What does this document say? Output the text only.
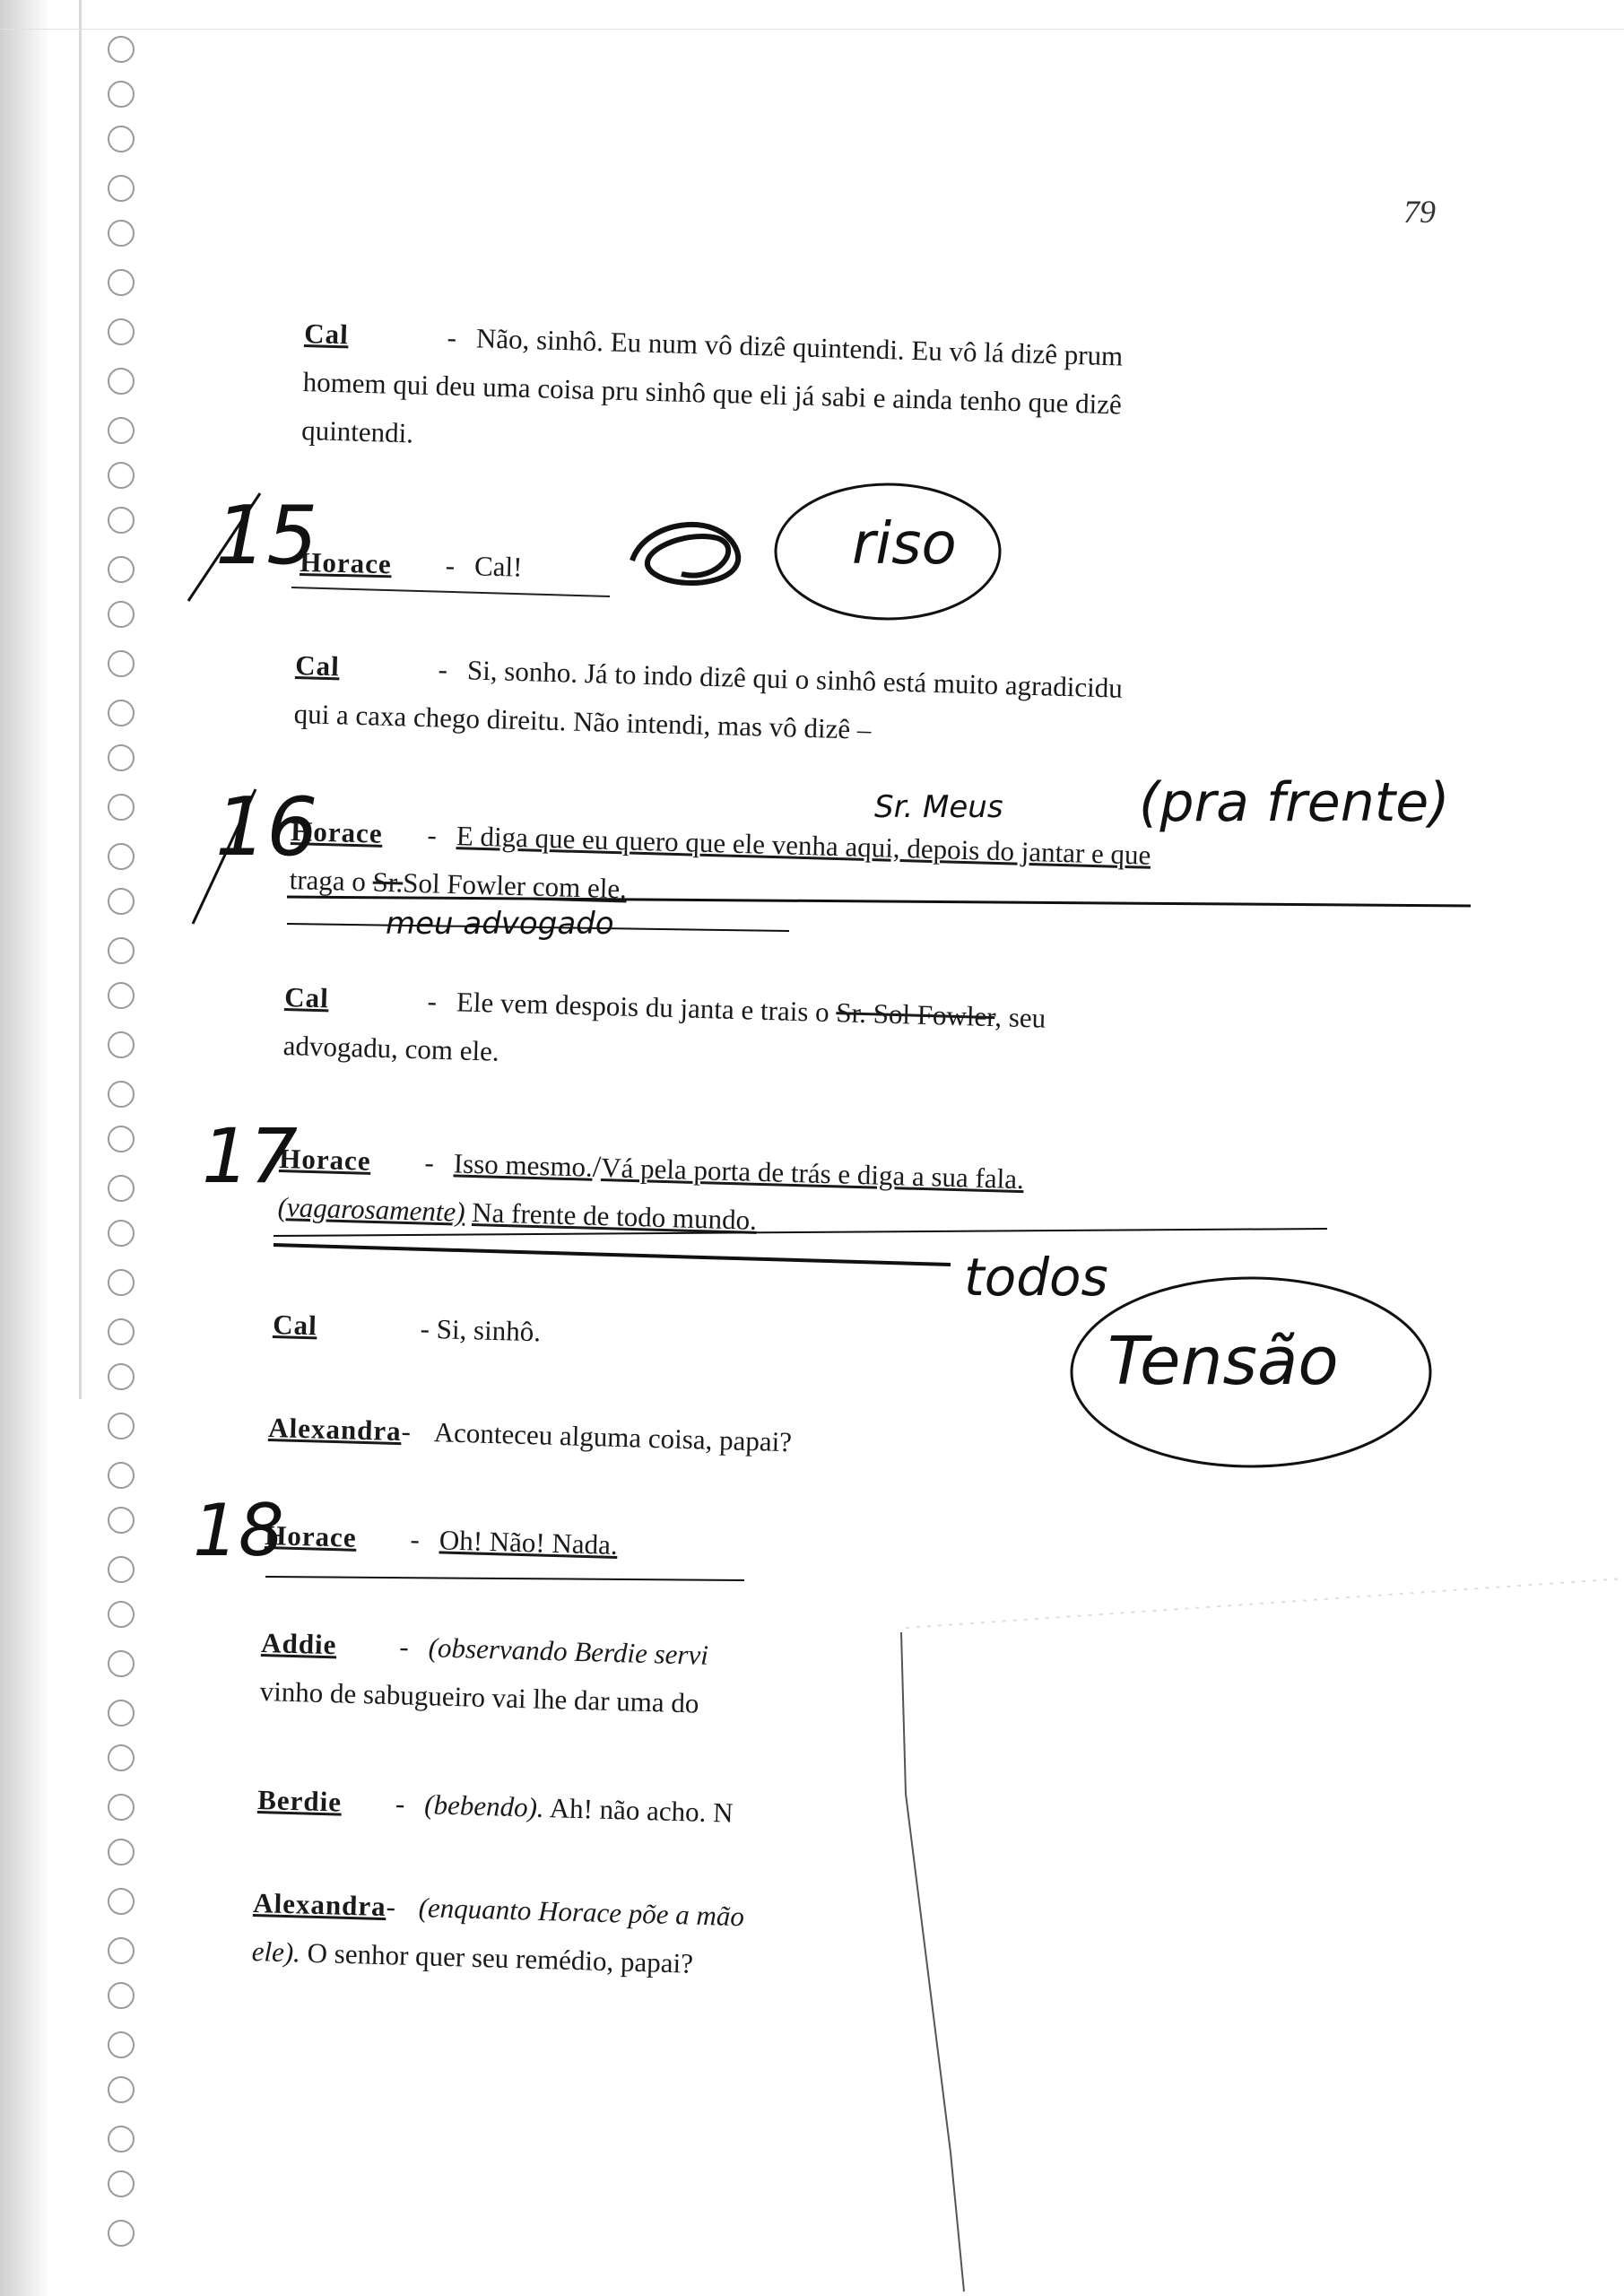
79
Cal	- Não, sinhô. Eu num vô dizê quintendi. Eu vô lá dizê prum
homem qui deu uma coisa pru sinhô que eli já sabi e ainda tenho que dizê
quintendi.
Horace - Cal!
Cal	- Si, sonho. Já to indo dizê qui o sinhô está muito agradicidu
qui a caxa chego direitu. Não intendi, mas vô dizê –
Horace - E diga que eu quero que ele venha aqui, depois do jantar e que
traga o Sr.Sol Fowler com ele.
Cal	- Ele vem despois du janta e trais o Sr. Sol Fowler, seu
advogadu, com ele.
Horace - Isso mesmo./Vá pela porta de trás e diga a sua fala.
(vagarosamente) Na frente de todo mundo.
Cal	- Si, sinhô.
Alexandra- Aconteceu alguma coisa, papai?
Horace - Oh! Não! Nada.
Addie - (observando Berdie servi
vinho de sabugueiro vai lhe dar uma do
Berdie - (bebendo). Ah! não acho. N
Alexandra- (enquanto Horace põe a mão
ele). O senhor quer seu remédio, papai?
15	riso
16	Sr. Meus	(pra frente)
meu advogado
17
todos
Tensão
18
